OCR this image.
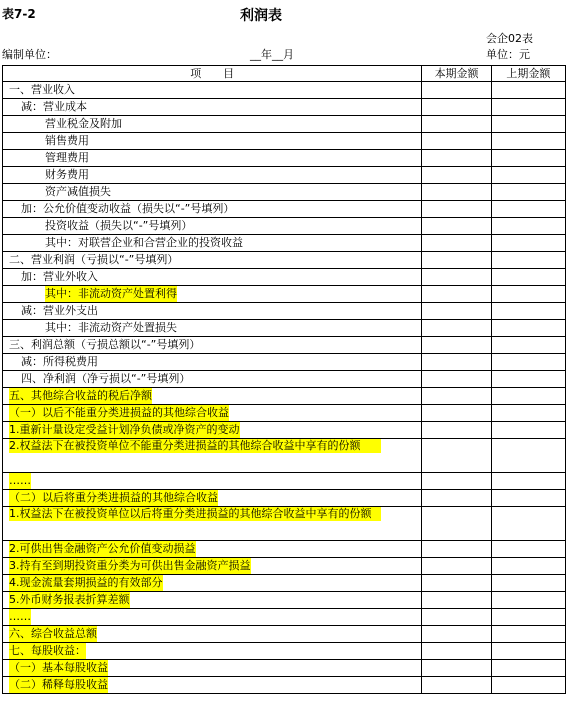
表7-2	利润表
会企02表
编制单位：	__年__月	单位：元
项　　目	本期金额	上期金额
一、营业收入		
减：营业成本		
营业税金及附加		
销售费用		
管理费用		
财务费用		
资产减值损失		
加：公允价值变动收益（损失以“-”号填列）		
投资收益（损失以“-”号填列）		
其中：对联营企业和合营企业的投资收益		
二、营业利润（亏损以“-”号填列）		
加：营业外收入		
其中：非流动资产处置利得		
减：营业外支出		
其中：非流动资产处置损失		
三、利润总额（亏损总额以“-”号填列）		
减：所得税费用		
四、净利润（净亏损以“-”号填列）		
五、其他综合收益的税后净额		
（一）以后不能重分类进损益的其他综合收益		
1.重新计量设定受益计划净负债或净资产的变动		
2.权益法下在被投资单位不能重分类进损益的其他综合收益中享有的份额		
……		
（二）以后将重分类进损益的其他综合收益		
1.权益法下在被投资单位以后将重分类进损益的其他综合收益中享有的份额		
2.可供出售金融资产公允价值变动损益		
3.持有至到期投资重分类为可供出售金融资产损益		
4.现金流量套期损益的有效部分		
5.外币财务报表折算差额		
……		
六、综合收益总额		
七、每股收益：		
（一）基本每股收益		
（二）稀释每股收益		
